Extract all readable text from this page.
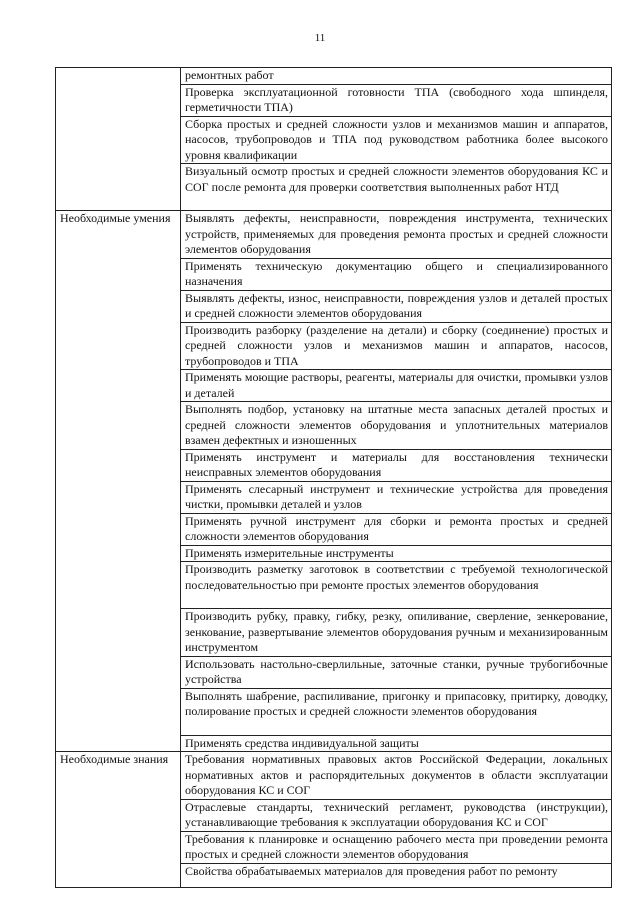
11
	ремонтных работ
	Проверка эксплуатационной готовности ТПА (свободного хода шпинделя, герметичности ТПА)
	Сборка простых и средней сложности узлов и механизмов машин и аппаратов, насосов, трубопроводов и ТПА под руководством работника более высокого уровня квалификации
	Визуальный осмотр простых и средней сложности элементов оборудования КС и СОГ после ремонта для проверки соответствия выполненных работ НТД
Необходимые умения	Выявлять дефекты, неисправности, повреждения инструмента, технических устройств, применяемых для проведения ремонта простых и средней сложности элементов оборудования
	Применять техническую документацию общего и специализированного назначения
	Выявлять дефекты, износ, неисправности, повреждения узлов и деталей простых и средней сложности элементов оборудования
	Производить разборку (разделение на детали) и сборку (соединение) простых и средней сложности узлов и механизмов машин и аппаратов, насосов, трубопроводов и ТПА
	Применять моющие растворы, реагенты, материалы для очистки, промывки узлов и деталей
	Выполнять подбор, установку на штатные места запасных деталей простых и средней сложности элементов оборудования и уплотнительных материалов взамен дефектных и изношенных
	Применять инструмент и материалы для восстановления технически неисправных элементов оборудования
	Применять слесарный инструмент и технические устройства для проведения чистки, промывки деталей и узлов
	Применять ручной инструмент для сборки и ремонта простых и средней сложности элементов оборудования
	Применять измерительные инструменты
	Производить разметку заготовок в соответствии с требуемой технологической последовательностью при ремонте простых элементов оборудования
	Производить рубку, правку, гибку, резку, опиливание, сверление, зенкерование, зенкование, развертывание элементов оборудования ручным и механизированным инструментом
	Использовать настольно-сверлильные, заточные станки, ручные трубогибочные устройства
	Выполнять шабрение, распиливание, пригонку и припасовку, притирку, доводку, полирование простых и средней сложности элементов оборудования
	Применять средства индивидуальной защиты
Необходимые знания	Требования нормативных правовых актов Российской Федерации, локальных нормативных актов и распорядительных документов в области эксплуатации оборудования КС и СОГ
	Отраслевые стандарты, технический регламент, руководства (инструкции), устанавливающие требования к эксплуатации оборудования КС и СОГ
	Требования к планировке и оснащению рабочего места при проведении ремонта простых и средней сложности элементов оборудования
	Свойства обрабатываемых материалов для проведения работ по ремонту
